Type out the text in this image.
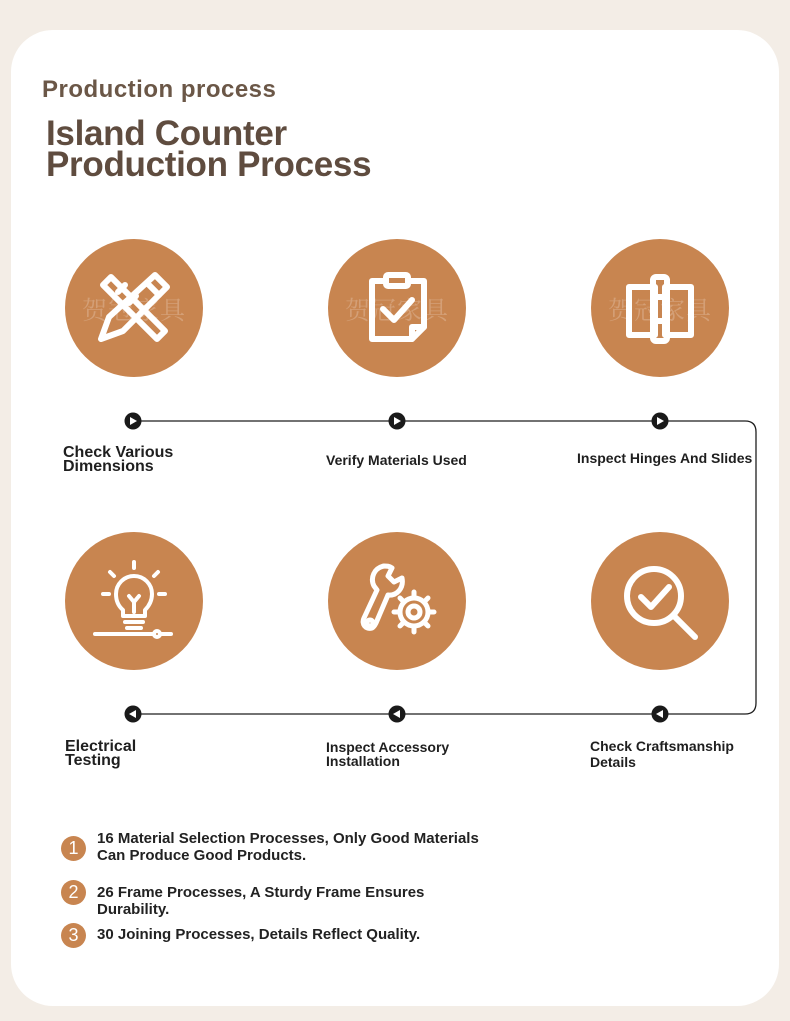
Production process
Island Counter
Production Process
贺冠家具	贺冠家具	贺冠家具
Check Various Dimensions	Verify Materials Used	Inspect Hinges And Slides
Electrical Testing
Inspect Accessory Installation
Check Craftsmanship Details
1	16 Material Selection Processes, Only Good Materials Can Produce Good Products.
2	26 Frame Processes, A Sturdy Frame Ensures Durability.
3	30 Joining Processes, Details Reflect Quality.
